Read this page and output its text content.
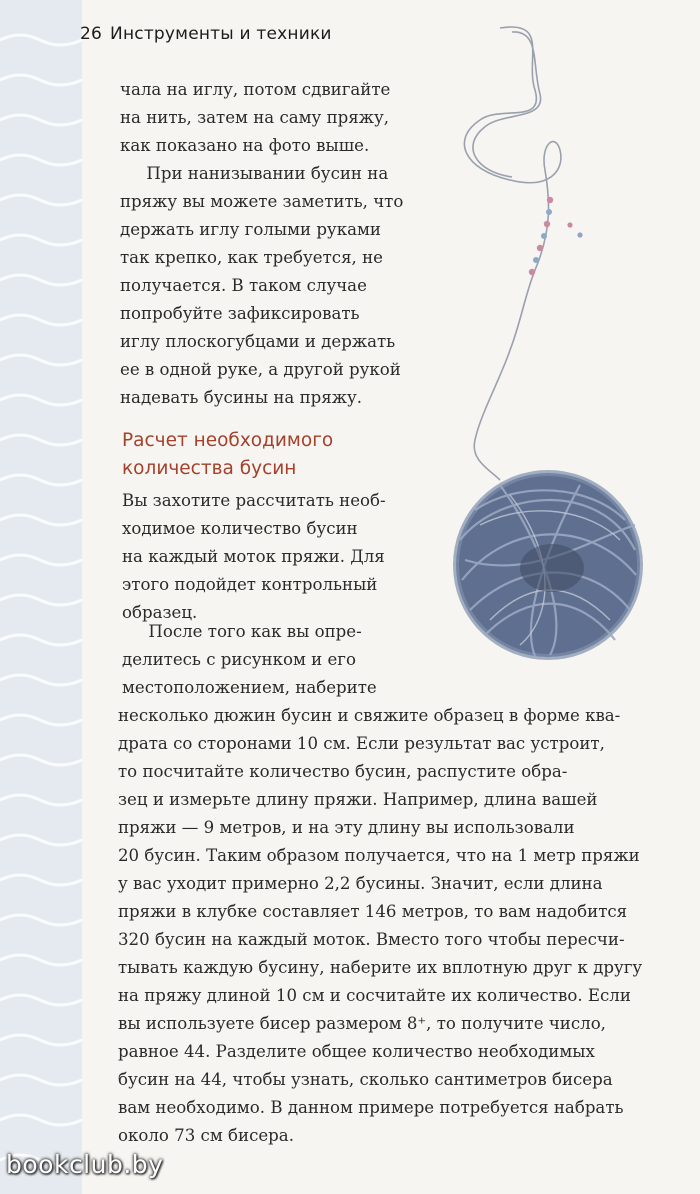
26 Инструменты и техники
чала на иглу, потом сдвигайте
на нить, затем на саму пряжу,
как показано на фото выше.
При нанизывании бусин на
пряжу вы можете заметить, что
держать иглу голыми руками
так крепко, как требуется, не
получается. В таком случае
попробуйте зафиксировать
иглу плоскогубцами и держать
ее в одной руке, а другой рукой
надевать бусины на пряжу.
Расчет необходимого
количества бусин
Вы захотите рассчитать необ-
ходимое количество бусин
на каждый моток пряжи. Для
этого подойдет контрольный
образец.
После того как вы опре-
делитесь с рисунком и его
местоположением, наберите
несколько дюжин бусин и свяжите образец в форме ква-
драта со сторонами 10 см. Если результат вас устроит,
то посчитайте количество бусин, распустите обра-
зец и измерьте длину пряжи. Например, длина вашей
пряжи — 9 метров, и на эту длину вы использовали
20 бусин. Таким образом получается, что на 1 метр пряжи
у вас уходит примерно 2,2 бусины. Значит, если длина
пряжи в клубке составляет 146 метров, то вам надобится
320 бусин на каждый моток. Вместо того чтобы пересчи-
тывать каждую бусину, наберите их вплотную друг к другу
на пряжу длиной 10 см и сосчитайте их количество. Если
вы используете бисер размером 8⁺, то получите число,
равное 44. Разделите общее количество необходимых
бусин на 44, чтобы узнать, сколько сантиметров бисера
вам необходимо. В данном примере потребуется набрать
около 73 см бисера.
bookclub.by
